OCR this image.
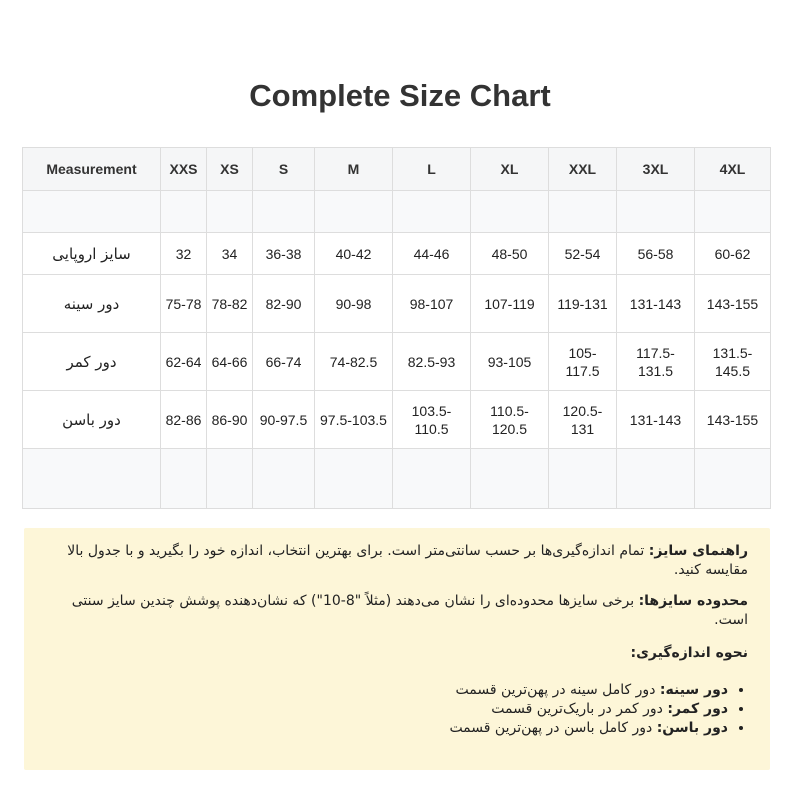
Complete Size Chart
Measurement	XXS	XS	S	M	L	XL	XXL	3XL	4XL

سایز اروپایی	32	34	36-38	40-42	44-46	48-50	52-54	56-58	60-62
دور سینه	75-78	78-82	82-90	90-98	98-107	107-119	119-131	131-143	143-155
دور کمر	62-64	64-66	66-74	74-82.5	82.5-93	93-105	105-117.5	117.5-131.5	131.5-145.5
دور باسن	82-86	86-90	90-97.5	97.5-103.5	103.5-110.5	110.5-120.5	120.5-131	131-143	143-155

راهنمای سایز: تمام اندازه‌گیری‌ها بر حسب سانتی‌متر است. برای بهترین انتخاب، اندازه خود را بگیرید و با جدول بالا مقایسه کنید.

محدوده سایزها: برخی سایزها محدوده‌ای را نشان می‌دهند (مثلاً "8-10") که نشان‌دهنده پوشش چندین سایز سنتی است.

نحوه اندازه‌گیری:
• دور سینه: دور کامل سینه در پهن‌ترین قسمت
• دور کمر: دور کمر در باریک‌ترین قسمت
• دور باسن: دور کامل باسن در پهن‌ترین قسمت
